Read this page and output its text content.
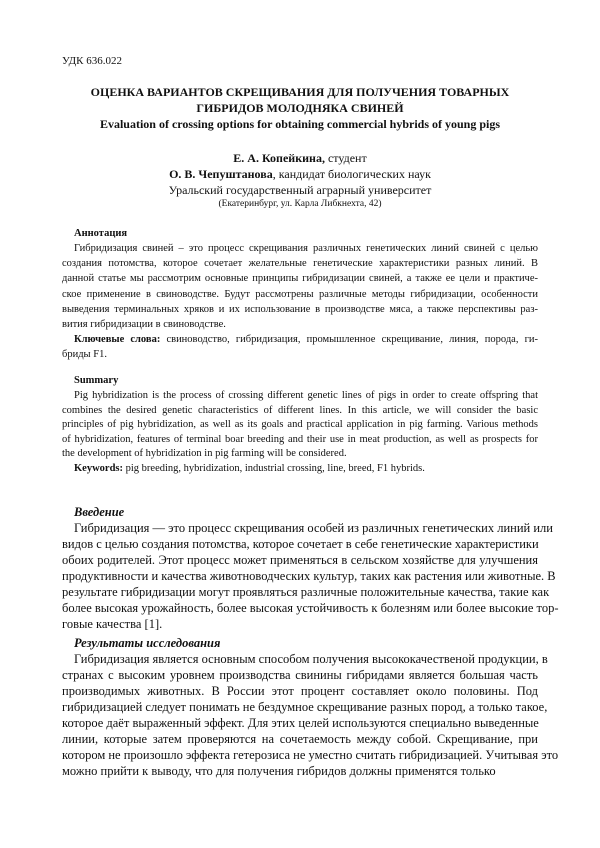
УДК 636.022
ОЦЕНКА ВАРИАНТОВ СКРЕЩИВАНИЯ ДЛЯ ПОЛУЧЕНИЯ ТОВАРНЫХ
ГИБРИДОВ МОЛОДНЯКА СВИНЕЙ
Evaluation of crossing options for obtaining commercial hybrids of young pigs
Е. А. Копейкина, студент
О. В. Чепуштанова, кандидат биологических наук
Уральский государственный аграрный университет
(Екатеринбург, ул. Карла Либкнехта, 42)
Аннотация
Гибридизация свиней – это процесс скрещивания различных генетических линий свиней с целью
создания потомства, которое сочетает желательные генетические характеристики разных линий. В
данной статье мы рассмотрим основные принципы гибридизации свиней, а также ее цели и практиче-
ское применение в свиноводстве. Будут рассмотрены различные методы гибридизации, особенности
выведения терминальных хряков и их использование в производстве мяса, а также перспективы раз-
вития гибридизации в свиноводстве.
Ключевые слова: свиноводство, гибридизация, промышленное скрещивание, линия, порода, ги-
бриды F1.
Summary
Pig hybridization is the process of crossing different genetic lines of pigs in order to create offspring that
combines the desired genetic characteristics of different lines. In this article, we will consider the basic
principles of pig hybridization, as well as its goals and practical application in pig farming. Various methods
of hybridization, features of terminal boar breeding and their use in meat production, as well as prospects for
the development of hybridization in pig farming will be considered.
Keywords: pig breeding, hybridization, industrial crossing, line, breed, F1 hybrids.
Введение
Гибридизация — это процесс скрещивания особей из различных генетических линий или
видов с целью создания потомства, которое сочетает в себе генетические характеристики
обоих родителей. Этот процесс может применяться в сельском хозяйстве для улучшения
продуктивности и качества животноводческих культур, таких как растения или животные. В
результате гибридизации могут проявляться различные положительные качества, такие как
более высокая урожайность, более высокая устойчивость к болезням или более высокие тор-
говые качества [1].
Результаты исследования
Гибридизация является основным способом получения высококачественой продукции, в
странах с высоким уровнем производства свинины гибридами является большая часть
производимых животных. В России этот процент составляет около половины. Под
гибридизацией следует понимать не бездумное скрещивание разных пород, а только такое,
которое даёт выраженный эффект. Для этих целей используются специально выведенные
линии, которые затем проверяются на сочетаемость между собой. Скрещивание, при
котором не произошло эффекта гетерозиса не уместно считать гибридизацией. Учитывая это
можно прийти к выводу, что для получения гибридов должны применятся только
